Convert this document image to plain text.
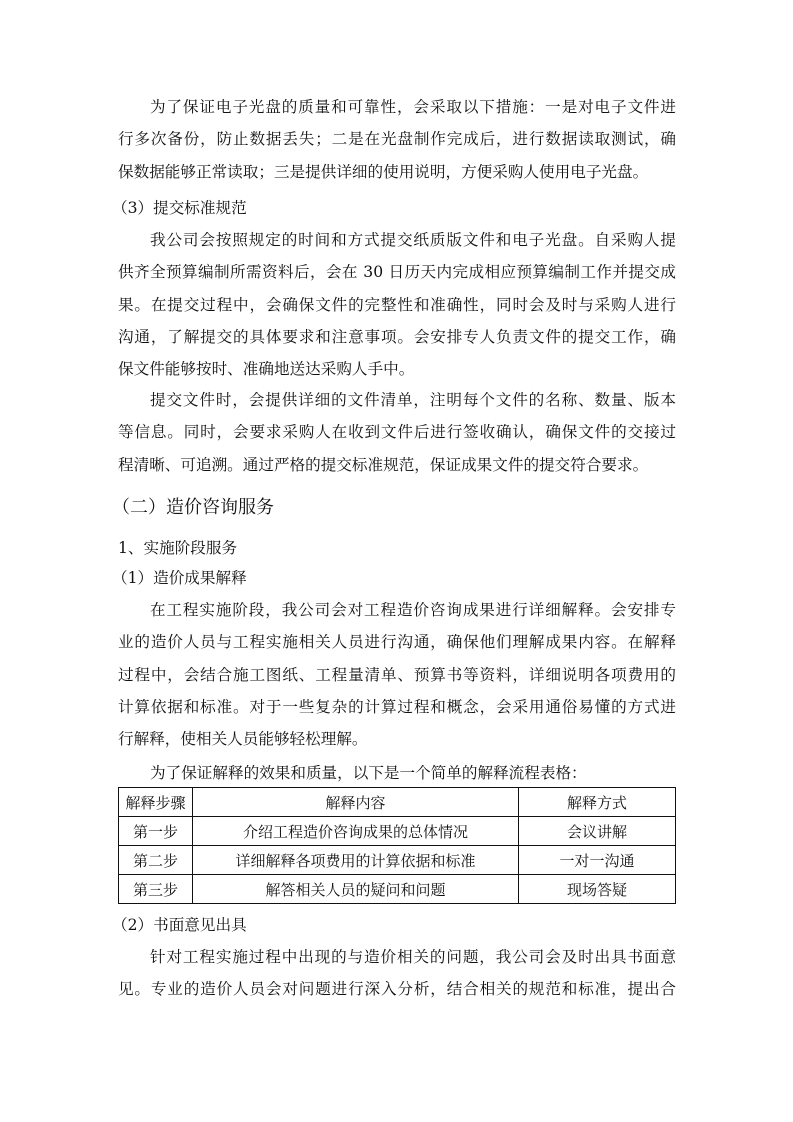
为了保证电子光盘的质量和可靠性，会采取以下措施：一是对电子文件进
行多次备份，防止数据丢失；二是在光盘制作完成后，进行数据读取测试，确
保数据能够正常读取；三是提供详细的使用说明，方便采购人使用电子光盘。
（3）提交标准规范
我公司会按照规定的时间和方式提交纸质版文件和电子光盘。自采购人提
供齐全预算编制所需资料后，会在 30 日历天内完成相应预算编制工作并提交成
果。在提交过程中，会确保文件的完整性和准确性，同时会及时与采购人进行
沟通，了解提交的具体要求和注意事项。会安排专人负责文件的提交工作，确
保文件能够按时、准确地送达采购人手中。
提交文件时，会提供详细的文件清单，注明每个文件的名称、数量、版本
等信息。同时，会要求采购人在收到文件后进行签收确认，确保文件的交接过
程清晰、可追溯。通过严格的提交标准规范，保证成果文件的提交符合要求。
（二）造价咨询服务
1、实施阶段服务
（1）造价成果解释
在工程实施阶段，我公司会对工程造价咨询成果进行详细解释。会安排专
业的造价人员与工程实施相关人员进行沟通，确保他们理解成果内容。在解释
过程中，会结合施工图纸、工程量清单、预算书等资料，详细说明各项费用的
计算依据和标准。对于一些复杂的计算过程和概念，会采用通俗易懂的方式进
行解释，使相关人员能够轻松理解。
为了保证解释的效果和质量，以下是一个简单的解释流程表格：
解释步骤	解释内容	解释方式
第一步	介绍工程造价咨询成果的总体情况	会议讲解
第二步	详细解释各项费用的计算依据和标准	一对一沟通
第三步	解答相关人员的疑问和问题	现场答疑
（2）书面意见出具
针对工程实施过程中出现的与造价相关的问题，我公司会及时出具书面意
见。专业的造价人员会对问题进行深入分析，结合相关的规范和标准，提出合
